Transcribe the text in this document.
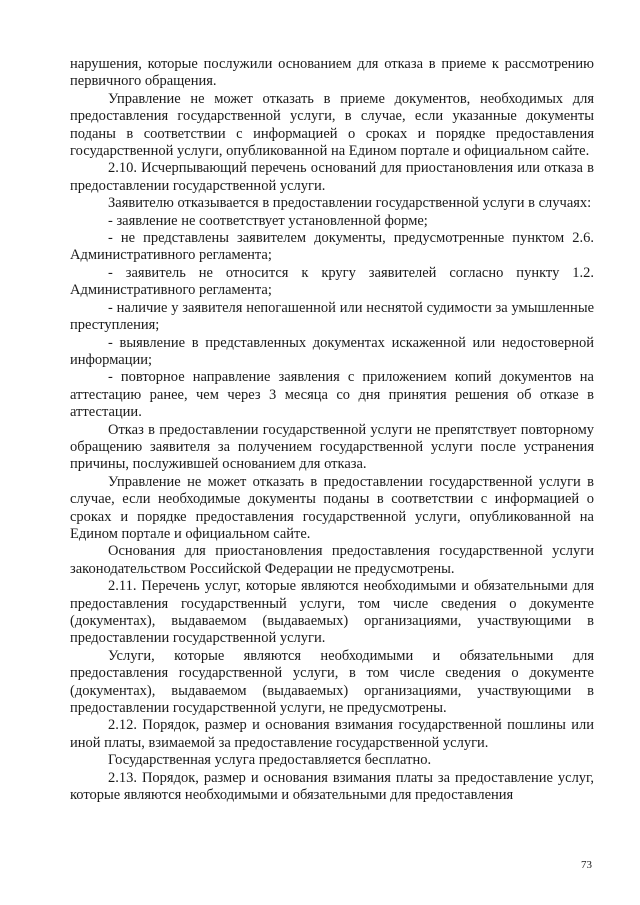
нарушения, которые послужили основанием для отказа в приеме к рассмотрению первичного обращения.

Управление не может отказать в приеме документов, необходимых для предоставления государственной услуги, в случае, если указанные документы поданы в соответствии с информацией о сроках и порядке предоставления государственной услуги, опубликованной на Едином портале и официальном сайте.

2.10. Исчерпывающий перечень оснований для приостановления или отказа в предоставлении государственной услуги.

Заявителю отказывается в предоставлении государственной услуги в случаях:

- заявление не соответствует установленной форме;

- не представлены заявителем документы, предусмотренные пунктом 2.6. Административного регламента;

- заявитель не относится к кругу заявителей согласно пункту 1.2. Административного регламента;

- наличие у заявителя непогашенной или неснятой судимости за умышленные преступления;

- выявление в представленных документах искаженной или недостоверной информации;

- повторное направление заявления с приложением копий документов на аттестацию ранее, чем через 3 месяца со дня принятия решения об отказе в аттестации.

Отказ в предоставлении государственной услуги не препятствует повторному обращению заявителя за получением государственной услуги после устранения причины, послужившей основанием для отказа.

Управление не может отказать в предоставлении государственной услуги в случае, если необходимые документы поданы в соответствии с информацией о сроках и порядке предоставления государственной услуги, опубликованной на Едином портале и официальном сайте.

Основания для приостановления предоставления государственной услуги законодательством Российской Федерации не предусмотрены.

2.11. Перечень услуг, которые являются необходимыми и обязательными для предоставления государственный услуги, том числе сведения о документе (документах), выдаваемом (выдаваемых) организациями, участвующими в предоставлении государственной услуги.

Услуги, которые являются необходимыми и обязательными для предоставления государственной услуги, в том числе сведения о документе (документах), выдаваемом (выдаваемых) организациями, участвующими в предоставлении государственной услуги, не предусмотрены.

2.12. Порядок, размер и основания взимания государственной пошлины или иной платы, взимаемой за предоставление государственной услуги.

Государственная услуга предоставляется бесплатно.

2.13. Порядок, размер и основания взимания платы за предоставление услуг, которые являются необходимыми и обязательными для предоставления

73
